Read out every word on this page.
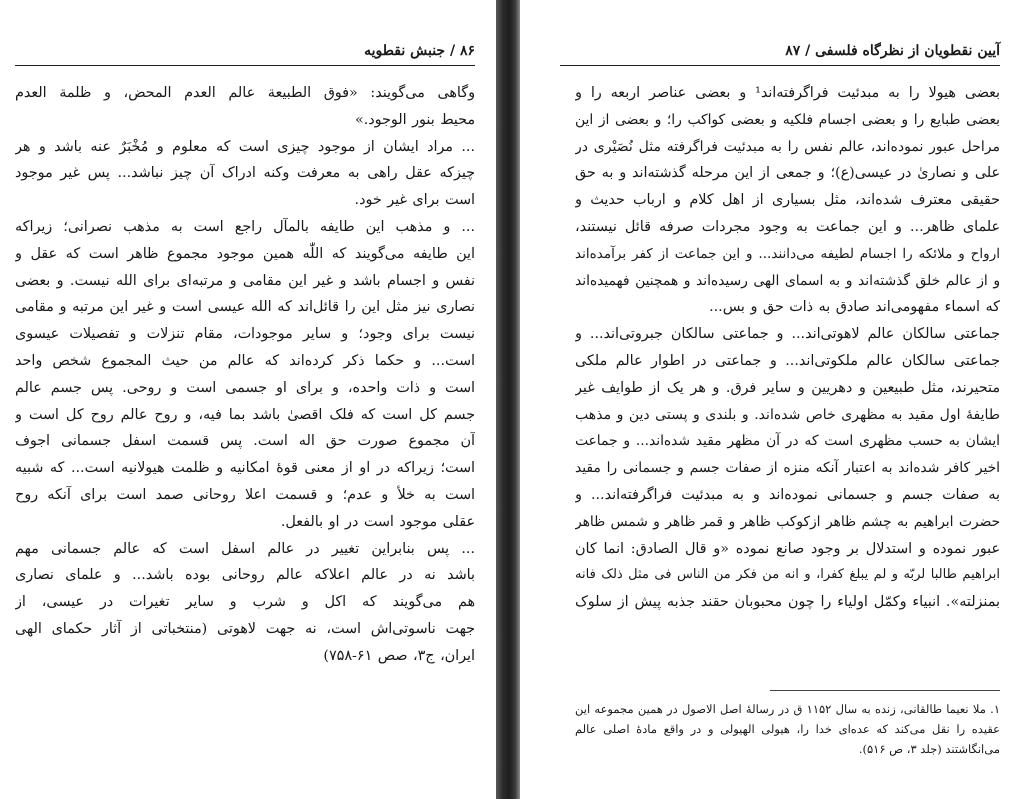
۸۶ / جنبش نقطویه
وگاهی می‌گویند: «فوق الطبیعة عالم العدم المحض، و ظلمة العدم
محیط بنور الوجود.»
... مراد ایشان از موجود چیزی است که معلوم و مُخْبَرٌ عنه باشد و هر
چیزکه عقل راهی به معرفت وکنه ادراک آن چیز نباشد... پس غیر موجود
است برای غیر خود.
... و مذهب این طایفه بالمآل راجع است به مذهب نصرانی؛ زیراکه
این طایفه می‌گویند که اللّٰه همین موجود مجموع ظاهر است که عقل و
نفس و اجسام باشد و غیر این مقامی و مرتبه‌ای برای الله نیست. و بعضی
نصاری نیز مثل این را قائل‌اند که الله عیسی است و غیر این مرتبه و مقامی
نیست برای وجود؛ و سایر موجودات، مقام تنزلات و تفصیلات عیسوی
است... و حکما ذکر کرده‌اند که عالم من حیث المجموع شخص واحد
است و ذات واحده، و برای او جسمی است و روحی. پس جسم عالم
جسم کل است که فلک اقصیٰ باشد بما فیه، و روح عالم روح کل است و
آن مجموع صورت حق اله است. پس قسمت اسفل جسمانی اجوف
است؛ زیراکه در او از معنی قوهٔ امکانیه و ظلمت هیولانیه است... که شبیه
است به خلأ و عدم؛ و قسمت اعلا روحانی صمد است برای آنکه روح
عقلی موجود است در او بالفعل.
... پس بنابراین تغییر در عالم اسفل است که عالم جسمانی مهم
باشد نه در عالم اعلاکه عالم روحانی بوده باشد... و علمای نصاری
هم می‌گویند که اکل و شرب و سایر تغیرات در عیسی، از
جهت ناسوتی‌اش است، نه جهت لاهوتی (منتخباتی از آثار حکمای الهی
ایران، ج۳، صص ۶۱-۷۵۸)
آیین نقطویان از نظرگاه فلسفی / ۸۷
بعضی هیولا را به مبدئیت فراگرفته‌اند¹ و بعضی عناصر اربعه را و
بعضی طبایع را و بعضی اجسام فلکیه و بعضی کواکب را؛ و بعضی از این
مراحل عبور نموده‌اند، عالم نفس را به مبدئیت فراگرفته مثل نُصَیْری در
علی و نصاریٰ در عیسی(ع)؛ و جمعی از این مرحله گذشته‌اند و به حق
حقیقی معترف شده‌اند، مثل بسیاری از اهل کلام و ارباب حدیث و
علمای ظاهر... و این جماعت به وجود مجردات صرفه قائل نیستند،
ارواح و ملائکه را اجسام لطیفه می‌دانند... و این جماعت از کفر برآمده‌اند
و از عالم خلق گذشته‌اند و به اسمای الهی رسیده‌اند و همچنین فهمیده‌اند
که اسماء مفهومی‌اند صادق به ذات حق و بس...
جماعتی سالکان عالم لاهوتی‌اند... و جماعتی سالکان جبروتی‌اند... و
جماعتی سالکان عالم ملکوتی‌اند... و جماعتی در اطوار عالم ملکی
متحیرند، مثل طبیعین و دهریین و سایر فرق. و هر یک از طوایف غیر
طایفهٔ اول مقید به مظهری خاص شده‌اند. و بلندی و پستی دین و مذهب
ایشان به حسب مظهری است که در آن مظهر مقید شده‌اند... و جماعت
اخیر کافر شده‌اند به اعتبار آنکه منزه از صفات جسم و جسمانی را مقید
به صفات جسم و جسمانی نموده‌اند و به مبدئیت فراگرفته‌اند... و
حضرت ابراهیم به چشم ظاهر ازکوکب ظاهر و قمر ظاهر و شمس ظاهر
عبور نموده و استدلال بر وجود صانع نموده «و قال الصادق: انما کان
ابراهیم طالبا لربّه و لم یبلغ کفرا، و انه من فکر من الناس فی مثل ذلک فانه
بمنزلته». انبیاء وکمّل اولیاء را چون محبوبان حقند جذبه پیش از سلوک
۱. ملا نعیما طالقانی، زنده به سال ۱۱۵۲ ق در رسالهٔ اصل الاصول در همین مجموعه این
عقیده را نقل می‌کند که عده‌ای خدا را، هیولی الهیولی و در واقع مادهٔ اصلی عالم
می‌انگاشتند (جلد ۳، ص ۵۱۶).
